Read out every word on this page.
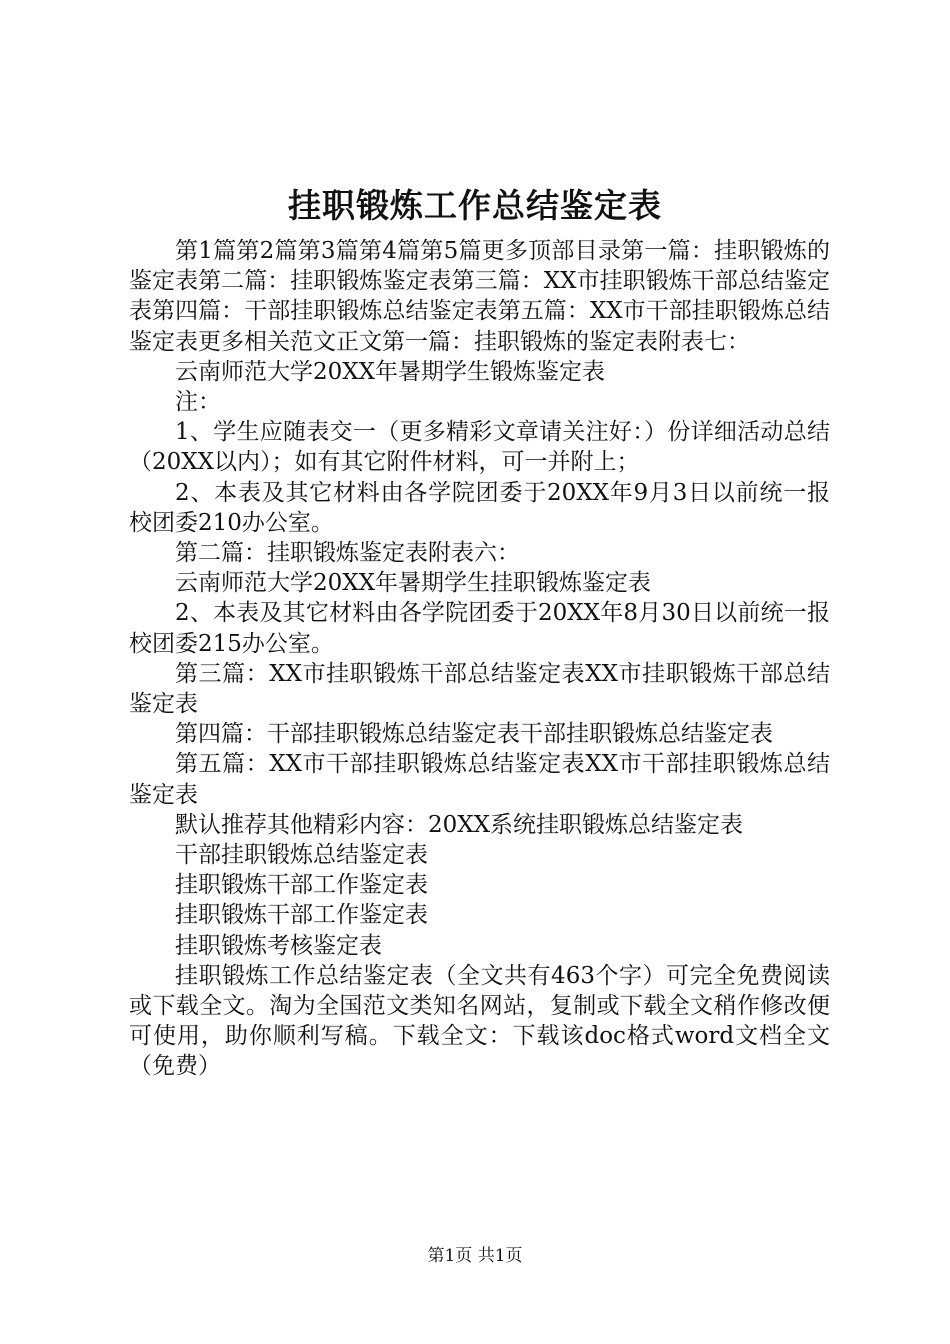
挂职锻炼工作总结鉴定表

第1篇第2篇第3篇第4篇第5篇更多顶部目录第一篇：挂职锻炼的鉴定表第二篇：挂职锻炼鉴定表第三篇：XX市挂职锻炼干部总结鉴定表第四篇：干部挂职锻炼总结鉴定表第五篇：XX市干部挂职锻炼总结鉴定表更多相关范文正文第一篇：挂职锻炼的鉴定表附表七：

云南师范大学20XX年暑期学生锻炼鉴定表

注：

1、学生应随表交一（更多精彩文章请关注好：）份详细活动总结（20XX以内）；如有其它附件材料，可一并附上；

2、本表及其它材料由各学院团委于20XX年9月3日以前统一报校团委210办公室。

第二篇：挂职锻炼鉴定表附表六：

云南师范大学20XX年暑期学生挂职锻炼鉴定表

2、本表及其它材料由各学院团委于20XX年8月30日以前统一报校团委215办公室。

第三篇：XX市挂职锻炼干部总结鉴定表XX市挂职锻炼干部总结鉴定表

第四篇：干部挂职锻炼总结鉴定表干部挂职锻炼总结鉴定表

第五篇：XX市干部挂职锻炼总结鉴定表XX市干部挂职锻炼总结鉴定表

默认推荐其他精彩内容：20XX系统挂职锻炼总结鉴定表

干部挂职锻炼总结鉴定表

挂职锻炼干部工作鉴定表

挂职锻炼干部工作鉴定表

挂职锻炼考核鉴定表

挂职锻炼工作总结鉴定表（全文共有463个字）可完全免费阅读或下载全文。淘为全国范文类知名网站，复制或下载全文稍作修改便可使用，助你顺利写稿。下载全文：下载该doc格式word文档全文（免费）

第1页 共1页
